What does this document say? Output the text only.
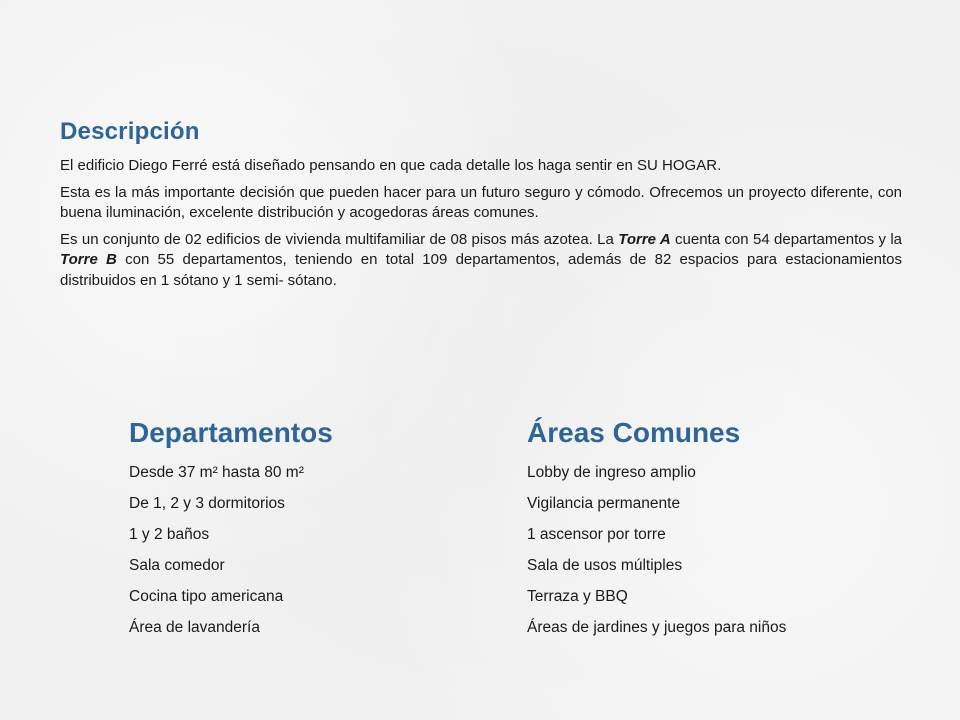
Descripción

El edificio Diego Ferré está diseñado pensando en que cada detalle los haga sentir en SU HOGAR.

Esta es la más importante decisión que pueden hacer para un futuro seguro y cómodo. Ofrecemos un proyecto diferente, con buena iluminación, excelente distribución y acogedoras áreas comunes.

Es un conjunto de 02 edificios de vivienda multifamiliar de 08 pisos más azotea. La Torre A cuenta con 54 departamentos y la Torre B con 55 departamentos, teniendo en total 109 departamentos, además de 82 espacios para estacionamientos distribuidos en 1 sótano y 1 semi- sótano.

Departamentos
Desde 37 m² hasta 80 m²
De 1, 2 y 3 dormitorios
1 y 2 baños
Sala comedor
Cocina tipo americana
Área de lavandería
Áreas Comunes
Lobby de ingreso amplio
Vigilancia permanente
1 ascensor por torre
Sala de usos múltiples
Terraza y BBQ
Áreas de jardines y juegos para niños
